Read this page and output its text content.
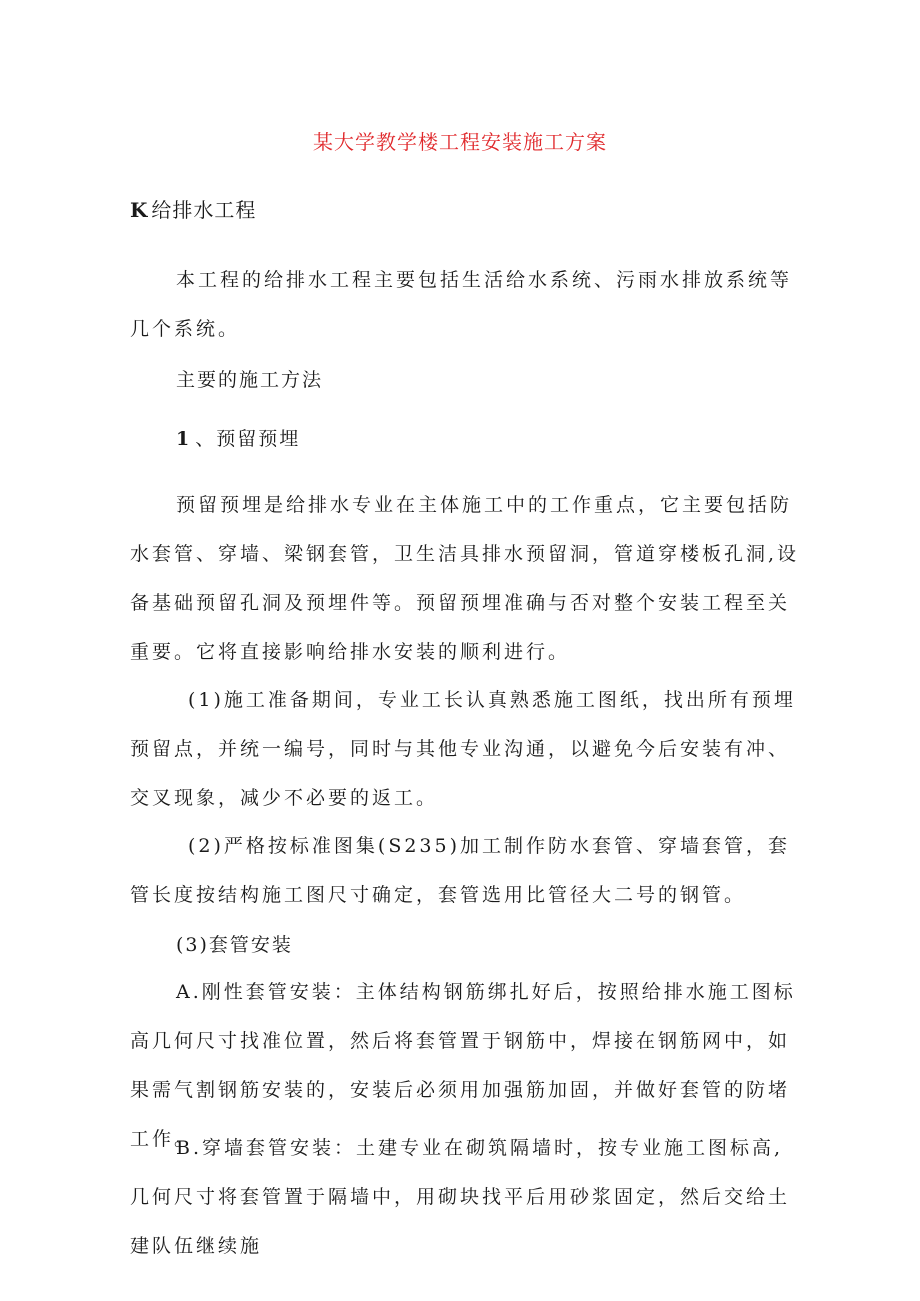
某大学教学楼工程安装施工方案
K 给排水工程

本工程的给排水工程主要包括生活给水系统、污雨水排放系统等几个系统。

主要的施工方法
1 、预留预埋

预留预埋是给排水专业在主体施工中的工作重点，它主要包括防水套管、穿墙、梁钢套管，卫生洁具排水预留洞，管道穿楼板孔洞,设备基础预留孔洞及预埋件等。预留预埋准确与否对整个安装工程至关重要。它将直接影响给排水安装的顺利进行。

(1)施工准备期间，专业工长认真熟悉施工图纸，找出所有预埋预留点，并统一编号，同时与其他专业沟通，以避免今后安装有冲、交叉现象，减少不必要的返工。

(2)严格按标准图集(S235)加工制作防水套管、穿墙套管，套管长度按结构施工图尺寸确定，套管选用比管径大二号的钢管。

(3)套管安装

A.刚性套管安装：主体结构钢筋绑扎好后，按照给排水施工图标高几何尺寸找准位置，然后将套管置于钢筋中，焊接在钢筋网中，如果需气割钢筋安装的，安装后必须用加强筋加固，并做好套管的防堵工作。

B.穿墙套管安装：土建专业在砌筑隔墙时，按专业施工图标高,几何尺寸将套管置于隔墙中，用砌块找平后用砂浆固定，然后交给土建队伍继续施
